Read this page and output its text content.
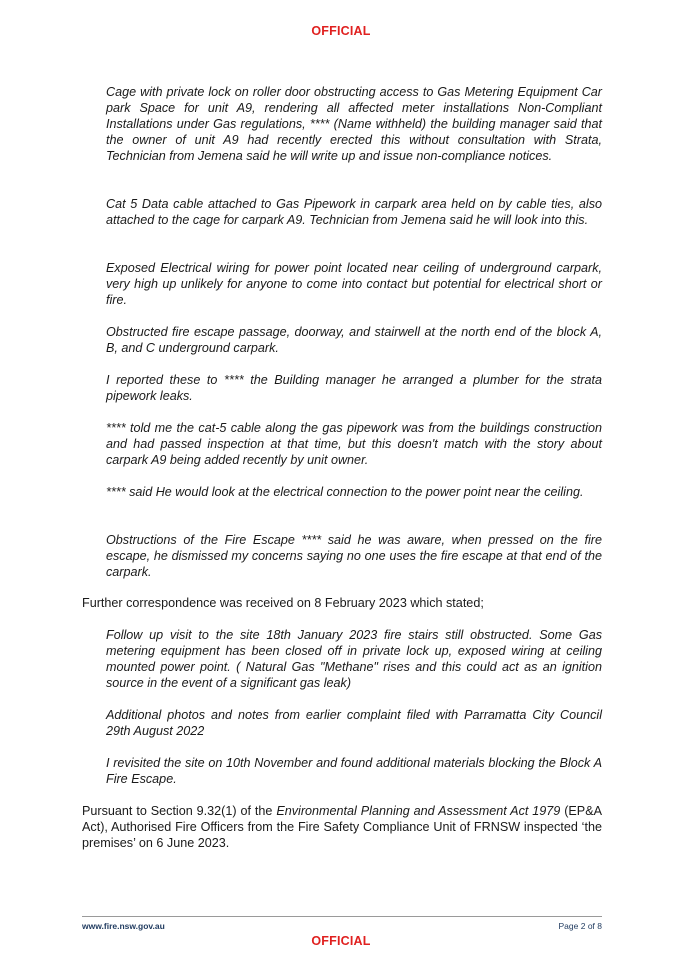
OFFICIAL

Cage with private lock on roller door obstructing access to Gas Metering Equipment Car park Space for unit A9, rendering all affected meter installations Non-Compliant Installations under Gas regulations, **** (Name withheld) the building manager said that the owner of unit A9 had recently erected this without consultation with Strata, Technician from Jemena said he will write up and issue non-compliance notices.

Cat 5 Data cable attached to Gas Pipework in carpark area held on by cable ties, also attached to the cage for carpark A9. Technician from Jemena said he will look into this.

Exposed Electrical wiring for power point located near ceiling of underground carpark, very high up unlikely for anyone to come into contact but potential for electrical short or fire.

Obstructed fire escape passage, doorway, and stairwell at the north end of the block A, B, and C underground carpark.

I reported these to **** the Building manager he arranged a plumber for the strata pipework leaks.

**** told me the cat-5 cable along the gas pipework was from the buildings construction and had passed inspection at that time, but this doesn't match with the story about carpark A9 being added recently by unit owner.

**** said He would look at the electrical connection to the power point near the ceiling.

Obstructions of the Fire Escape **** said he was aware, when pressed on the fire escape, he dismissed my concerns saying no one uses the fire escape at that end of the carpark.

Further correspondence was received on 8 February 2023 which stated;

Follow up visit to the site 18th January 2023 fire stairs still obstructed. Some Gas metering equipment has been closed off in private lock up, exposed wiring at ceiling mounted power point. ( Natural Gas "Methane" rises and this could act as an ignition source in the event of a significant gas leak)

Additional photos and notes from earlier complaint filed with Parramatta City Council 29th August 2022

I revisited the site on 10th November and found additional materials blocking the Block A Fire Escape.

Pursuant to Section 9.32(1) of the Environmental Planning and Assessment Act 1979 (EP&A Act), Authorised Fire Officers from the Fire Safety Compliance Unit of FRNSW inspected ‘the premises’ on 6 June 2023.

www.fire.nsw.gov.au	Page 2 of 8
OFFICIAL
